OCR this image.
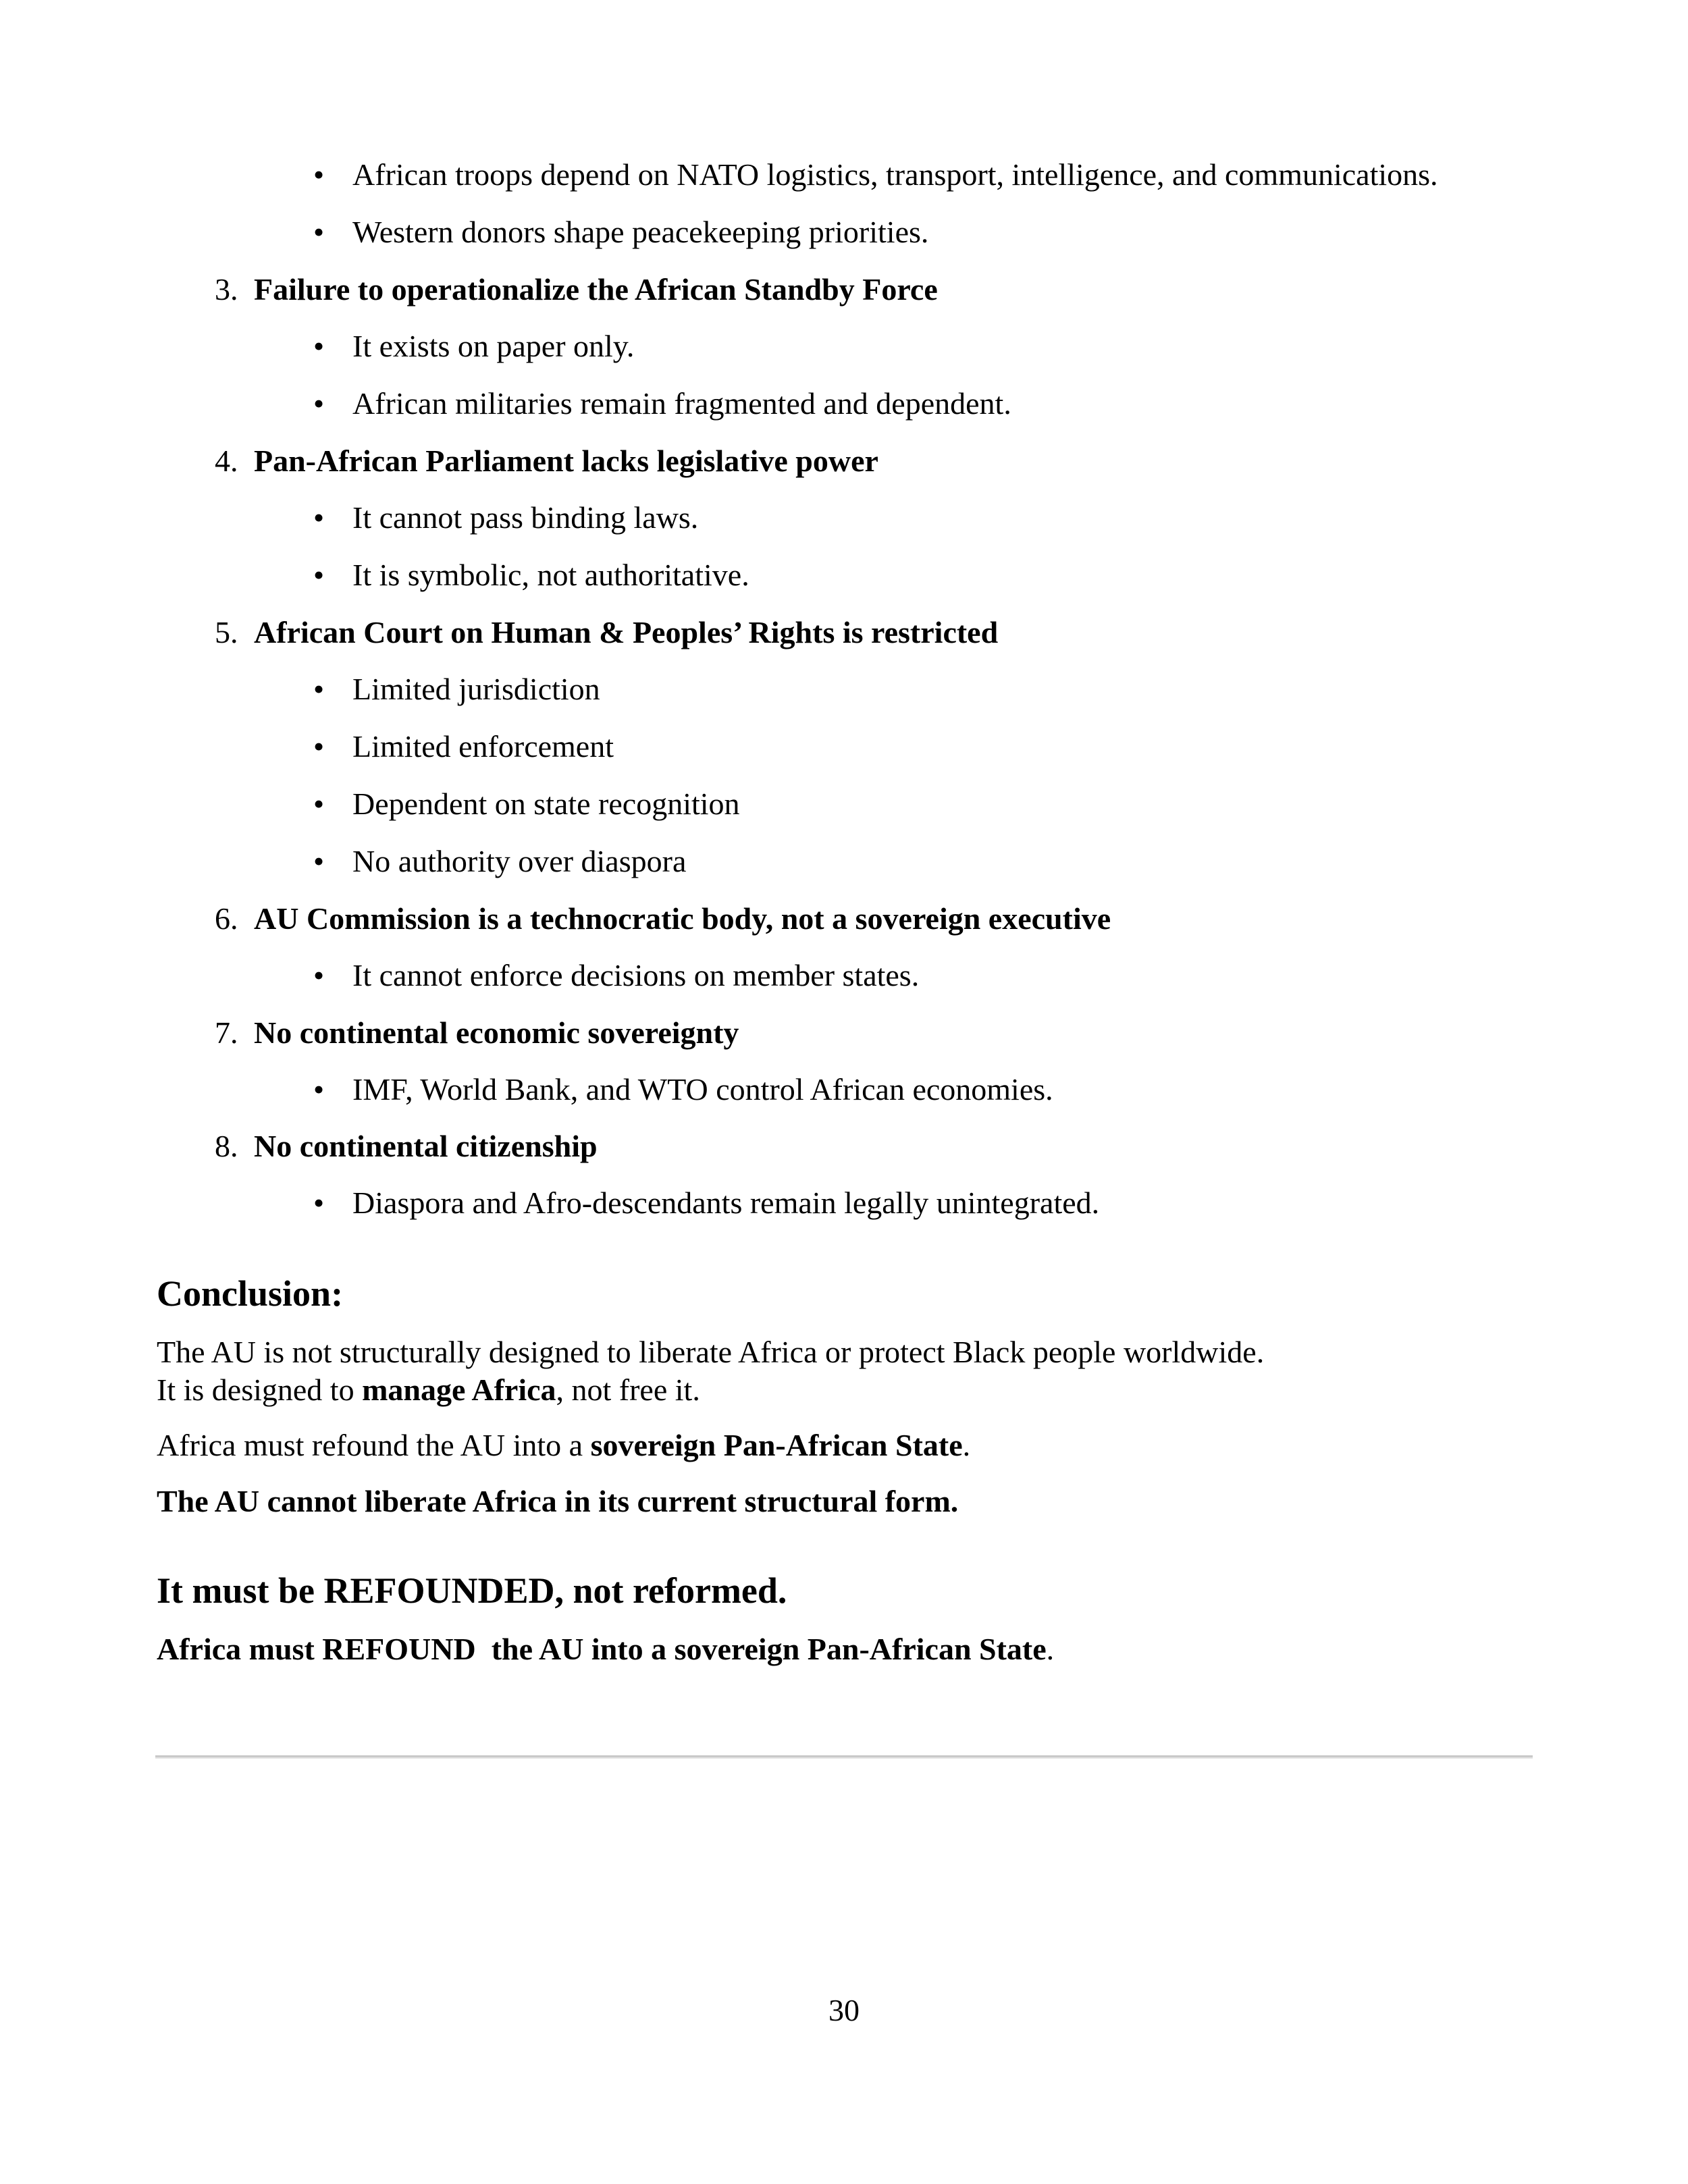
• African troops depend on NATO logistics, transport, intelligence, and communications.
• Western donors shape peacekeeping priorities.
3. Failure to operationalize the African Standby Force
• It exists on paper only.
• African militaries remain fragmented and dependent.
4. Pan-African Parliament lacks legislative power
• It cannot pass binding laws.
• It is symbolic, not authoritative.
5. African Court on Human & Peoples’ Rights is restricted
• Limited jurisdiction
• Limited enforcement
• Dependent on state recognition
• No authority over diaspora
6. AU Commission is a technocratic body, not a sovereign executive
• It cannot enforce decisions on member states.
7. No continental economic sovereignty
• IMF, World Bank, and WTO control African economies.
8. No continental citizenship
• Diaspora and Afro-descendants remain legally unintegrated.
Conclusion:
The AU is not structurally designed to liberate Africa or protect Black people worldwide.
It is designed to manage Africa, not free it.
Africa must refound the AU into a sovereign Pan-African State.
The AU cannot liberate Africa in its current structural form.
It must be REFOUNDED, not reformed.
Africa must REFOUND  the AU into a sovereign Pan-African State.
30
